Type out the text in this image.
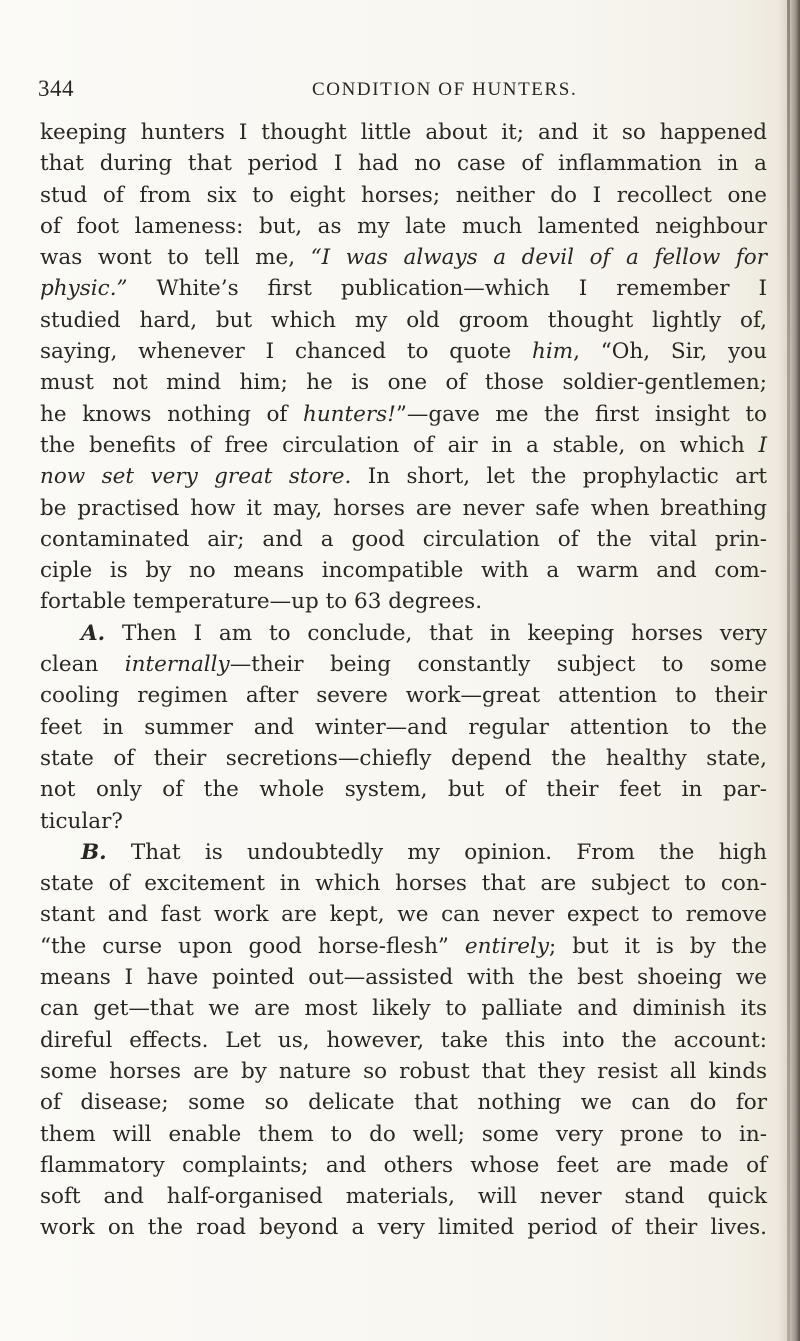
344	CONDITION OF HUNTERS.
keeping hunters I thought little about it; and it so happened
that during that period I had no case of inflammation in a
stud of from six to eight horses; neither do I recollect one
of foot lameness: but, as my late much lamented neighbour
was wont to tell me, “I was always a devil of a fellow for
physic.” White’s first publication—which I remember I
studied hard, but which my old groom thought lightly of,
saying, whenever I chanced to quote him, “Oh, Sir, you
must not mind him; he is one of those soldier-gentlemen;
he knows nothing of hunters!”—gave me the first insight to
the benefits of free circulation of air in a stable, on which I
now set very great store. In short, let the prophylactic art
be practised how it may, horses are never safe when breathing
contaminated air; and a good circulation of the vital prin-
ciple is by no means incompatible with a warm and com-
fortable temperature—up to 63 degrees.
A. Then I am to conclude, that in keeping horses very
clean internally—their being constantly subject to some
cooling regimen after severe work—great attention to their
feet in summer and winter—and regular attention to the
state of their secretions—chiefly depend the healthy state,
not only of the whole system, but of their feet in par-
ticular?
B. That is undoubtedly my opinion. From the high
state of excitement in which horses that are subject to con-
stant and fast work are kept, we can never expect to remove
“the curse upon good horse-flesh” entirely; but it is by the
means I have pointed out—assisted with the best shoeing we
can get—that we are most likely to palliate and diminish its
direful effects. Let us, however, take this into the account:
some horses are by nature so robust that they resist all kinds
of disease; some so delicate that nothing we can do for
them will enable them to do well; some very prone to in-
flammatory complaints; and others whose feet are made of
soft and half-organised materials, will never stand quick
work on the road beyond a very limited period of their lives.
